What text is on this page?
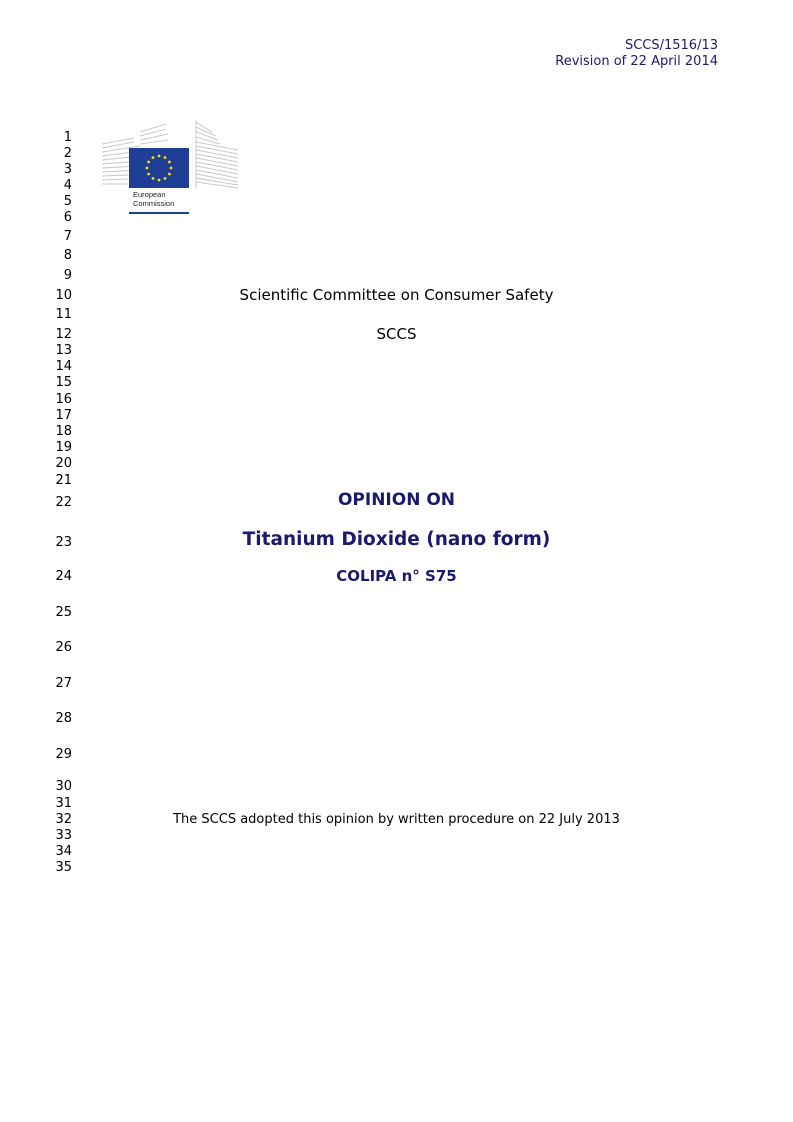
SCCS/1516/13
Revision of 22 April 2014
1
2
3
4
5
6
7
8
9
10
11
12
13
14
15
16
17
18
19
20
21
22
23
24
25
26
27
28
29
30
31
32
33
34
35
European
Commission
Scientific Committee on Consumer Safety
SCCS
OPINION ON
Titanium Dioxide (nano form)
COLIPA n° S75
The SCCS adopted this opinion by written procedure on 22 July 2013
